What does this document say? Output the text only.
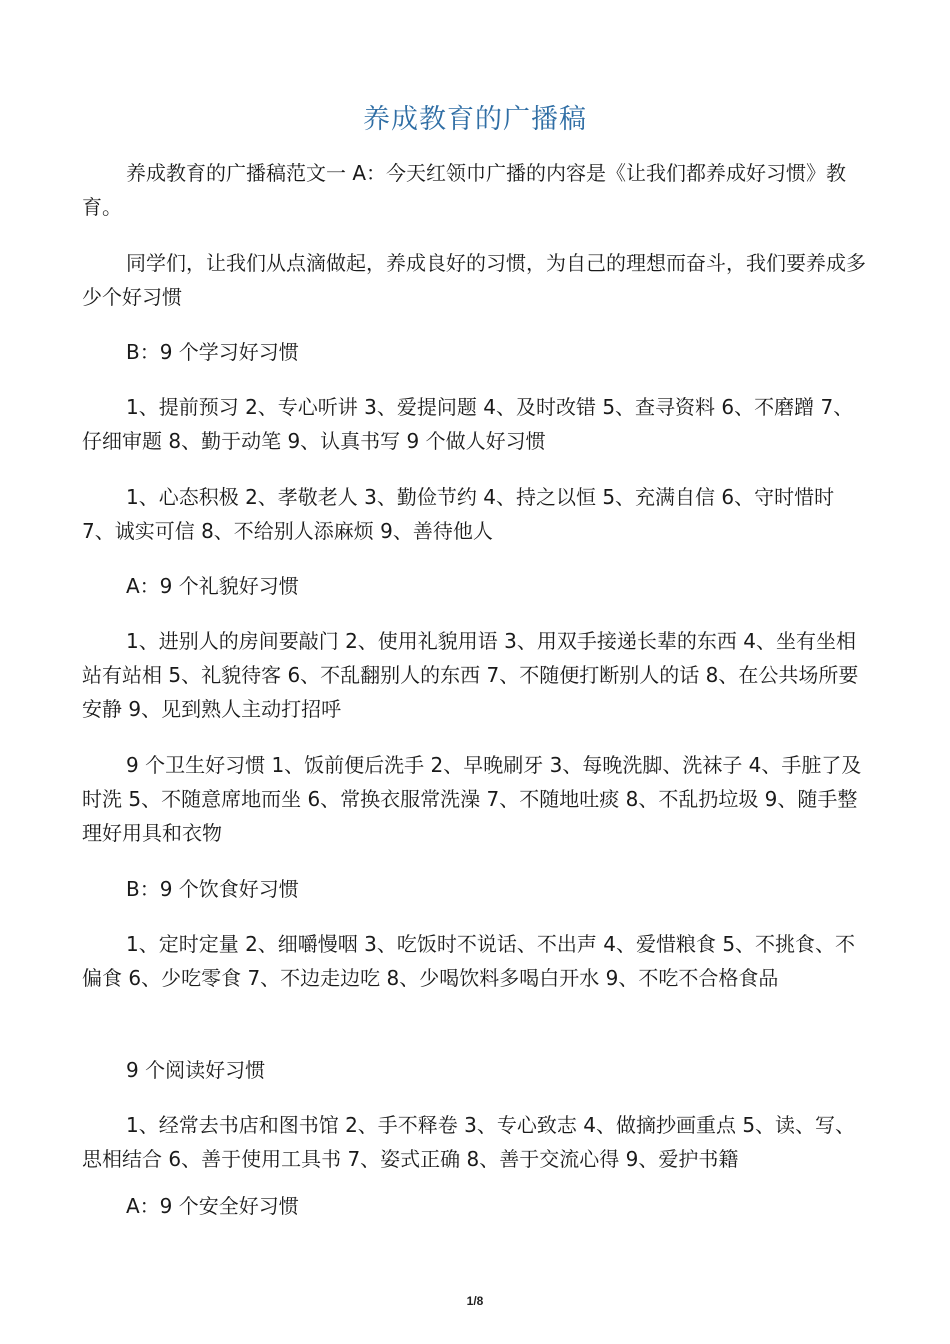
养成教育的广播稿

养成教育的广播稿范文一 A：今天红领巾广播的内容是《让我们都养成好习惯》教育。

同学们，让我们从点滴做起，养成良好的习惯，为自己的理想而奋斗，我们要养成多少个好习惯

B：9 个学习好习惯

1、提前预习 2、专心听讲 3、爱提问题 4、及时改错 5、查寻资料 6、不磨蹭 7、仔细审题 8、勤于动笔 9、认真书写 9 个做人好习惯

1、心态积极 2、孝敬老人 3、勤俭节约 4、持之以恒 5、充满自信 6、守时惜时 7、诚实可信 8、不给别人添麻烦 9、善待他人

A：9 个礼貌好习惯

1、进别人的房间要敲门 2、使用礼貌用语 3、用双手接递长辈的东西 4、坐有坐相站有站相 5、礼貌待客 6、不乱翻别人的东西 7、不随便打断别人的话 8、在公共场所要安静 9、见到熟人主动打招呼

9 个卫生好习惯 1、饭前便后洗手 2、早晚刷牙 3、每晚洗脚、洗袜子 4、手脏了及时洗 5、不随意席地而坐 6、常换衣服常洗澡 7、不随地吐痰 8、不乱扔垃圾 9、随手整理好用具和衣物

B：9 个饮食好习惯

1、定时定量 2、细嚼慢咽 3、吃饭时不说话、不出声 4、爱惜粮食 5、不挑食、不偏食 6、少吃零食 7、不边走边吃 8、少喝饮料多喝白开水 9、不吃不合格食品

9 个阅读好习惯

1、经常去书店和图书馆 2、手不释卷 3、专心致志 4、做摘抄画重点 5、读、写、思相结合 6、善于使用工具书 7、姿式正确 8、善于交流心得 9、爱护书籍

A：9 个安全好习惯

1/8
